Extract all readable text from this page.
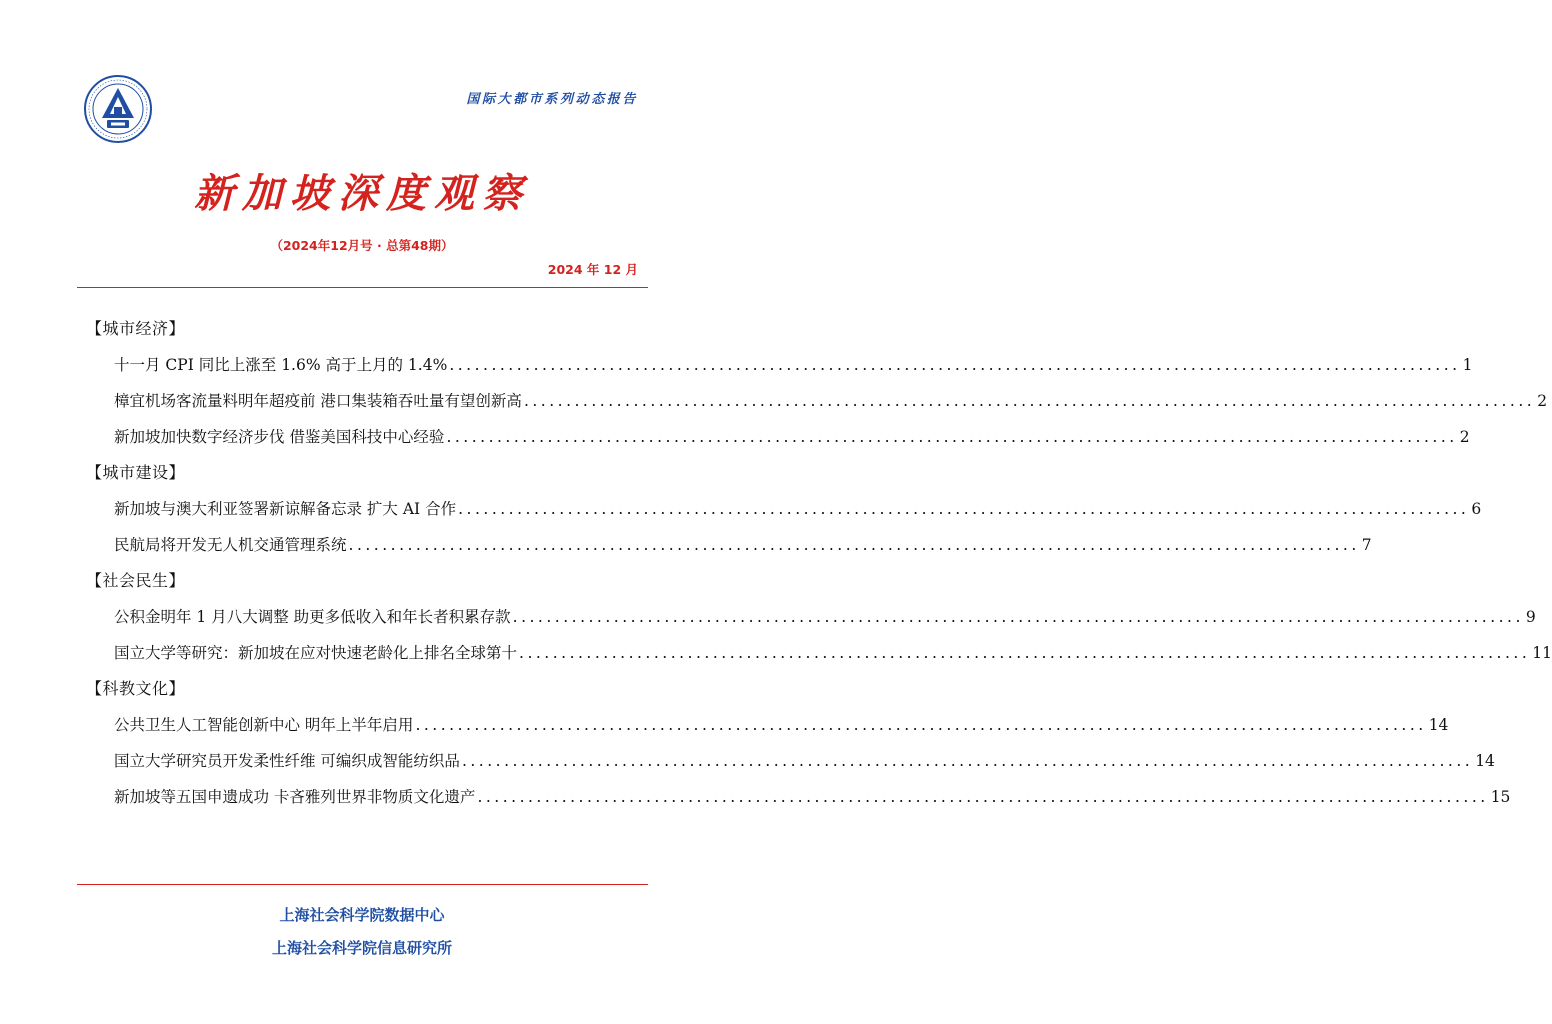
国际大都市系列动态报告
新加坡深度观察
（2024年12月号 · 总第48期）
2024 年 12 月
【城市经济】
十一月 CPI 同比上涨至 1.6% 高于上月的 1.4% ........................................................................................................................ 1
樟宜机场客流量料明年超疫前 港口集装箱吞吐量有望创新高 ........................................................................................................................ 2
新加坡加快数字经济步伐 借鉴美国科技中心经验 ........................................................................................................................ 2
【城市建设】
新加坡与澳大利亚签署新谅解备忘录 扩大 AI 合作 ........................................................................................................................ 6
民航局将开发无人机交通管理系统 ........................................................................................................................ 7
【社会民生】
公积金明年 1 月八大调整 助更多低收入和年长者积累存款 ........................................................................................................................ 9
国立大学等研究：新加坡在应对快速老龄化上排名全球第十 ........................................................................................................................ 11
【科教文化】
公共卫生人工智能创新中心 明年上半年启用 ........................................................................................................................ 14
国立大学研究员开发柔性纤维 可编织成智能纺织品 ........................................................................................................................ 14
新加坡等五国申遗成功 卡吝雅列世界非物质文化遗产 ........................................................................................................................ 15
上海社会科学院数据中心
上海社会科学院信息研究所
